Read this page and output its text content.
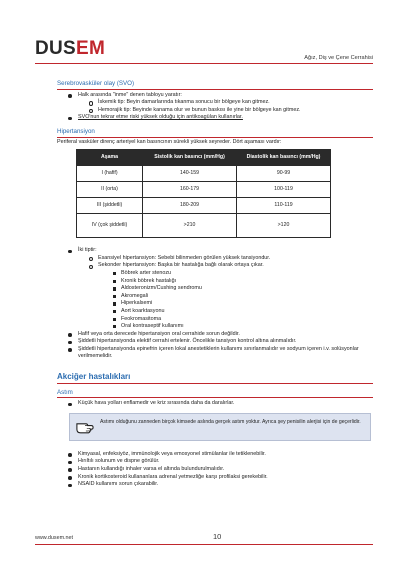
DUSEM	Ağız, Diş ve Çene Cerrahisi
Serebrovasküler olay (SVO)
Halk arasında "inme" denen tabloyu yaratır:
İskemik tip: Beyin damarlarında tıkanma sonucu bir bölgeye kan gitmez.
Hemorajik tip: Beyinde kanama olur ve bunun baskısı ile yine bir bölgeye kan gitmez.
SVO'nun tekrar etme riski yüksek olduğu için antikoagülan kullanırlar.
Hipertansiyon
Periferal vasküler direnç arteriyel kan basıncının sürekli yüksek seyreder. Dört aşaması vardır:
Aşama	Sistolik kan basıncı (mm/Hg)	Diastolik kan basıncı (mm/Hg)
I (hafif)	140-159	90-99
II (orta)	160-179	100-119
III (şiddetli)	180-209	110-119
IV (çok şiddetli)	>210	>120
İki tiptir:
Esansiyel hipertansiyon: Sebebi bilinmeden görülen yüksek tansiyondur.
Sekonder hipertansiyon: Başka bir hastalığa bağlı olarak ortaya çıkar.
Böbrek arter stenozu
Kronik böbrek hastalığı
Aldosteronizm/Cushing sendromu
Akromegali
Hiperkalsemi
Aort koarktasyonu
Feokromasitoma
Oral kontraseptif kullanımı
Hafif veya orta derecede hipertansiyon oral cerrahide sorun değildir.
Şiddetli hipertansiyonda elektif cerrahi ertelenir. Öncelikle tansiyon kontrol altına alınmalıdır.
Şiddetli hipertansiyonda epinefrin içeren lokal anestetiklerin kullanımı sınırlanmalıdır ve sodyum içeren i.v. solüsyonlar verilmemelidir.
Akciğer hastalıkları
Astım
Küçük hava yolları enflamedir ve kriz sırasında daha da daralırlar.
Astımı olduğunu zanneden birçok kimsede aslında gerçek astım yoktur. Ayrıca şey penisilin alerjisi için de geçerlidir.
Kimyasal, enfeksiyöz, immünolojik veya emosyonel stimülanlar ile tetiklenebilir.
Hırıltılı solunum ve dispne görülür.
Hastanın kullandığı inhaler varsa el altında bulundurulmalıdır.
Kronik kortikosteroid kullananlara adrenal yetmezliğe karşı profilaksi gerekebilir.
NSAID kullanımı sorun çıkarabilir.
www.dusem.net	10
